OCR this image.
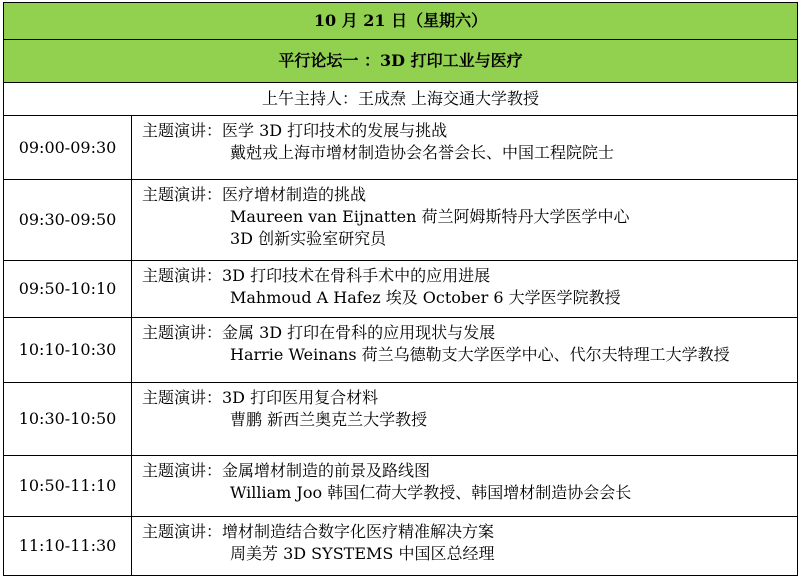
10 月 21 日（星期六）	
平行论坛一 ：3D 打印工业与医疗	
上午主持人：王成焘 上海交通大学教授	
09:00-09:30	主题演讲：医学 3D 打印技术的发展与挑战
戴尅戎上海市增材制造协会名誉会长、中国工程院院士

09:30-09:50	主题演讲：医疗增材制造的挑战
Maureen van Eijnatten 荷兰阿姆斯特丹大学医学中心
3D 创新实验室研究员

09:50-10:10	主题演讲：3D 打印技术在骨科手术中的应用进展
Mahmoud A Hafez 埃及 October 6 大学医学院教授

10:10-10:30	主题演讲：金属 3D 打印在骨科的应用现状与发展
Harrie Weinans 荷兰乌德勒支大学医学中心、代尔夫特理工大学教授

10:30-10:50	主题演讲：3D 打印医用复合材料
曹鹏 新西兰奥克兰大学教授

10:50-11:10	主题演讲：金属增材制造的前景及路线图
William Joo 韩国仁荷大学教授、韩国增材制造协会会长

11:10-11:30	主题演讲：增材制造结合数字化医疗精准解决方案
周美芳 3D SYSTEMS 中国区总经理
